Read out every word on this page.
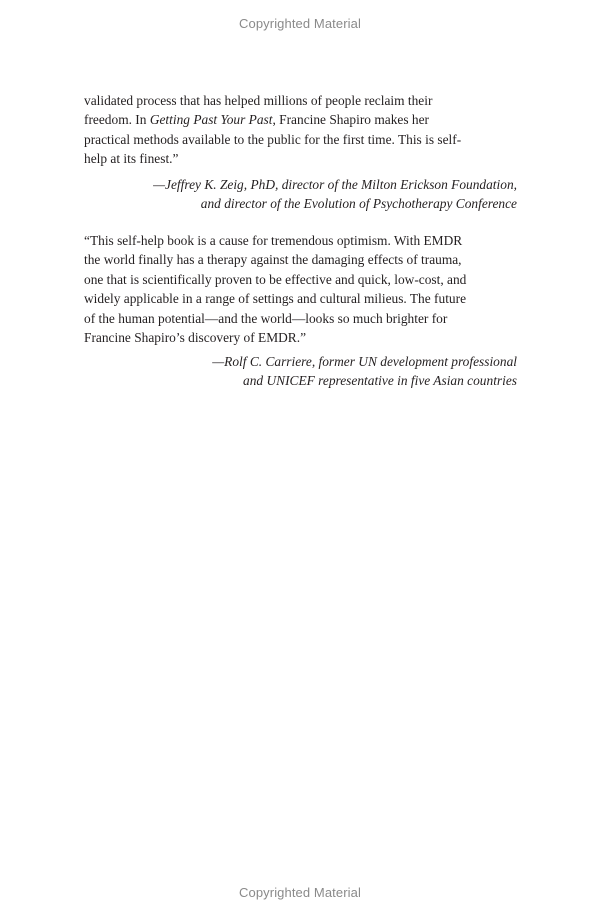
Copyrighted Material
validated process that has helped millions of people reclaim their
freedom. In Getting Past Your Past, Francine Shapiro makes her
practical methods available to the public for the first time. This is self-
help at its finest.”
—Jeffrey K. Zeig, PhD, director of the Milton Erickson Foundation,
and director of the Evolution of Psychotherapy Conference
“This self-help book is a cause for tremendous optimism. With EMDR
the world finally has a therapy against the damaging effects of trauma,
one that is scientifically proven to be effective and quick, low-cost, and
widely applicable in a range of settings and cultural milieus. The future
of the human potential—and the world—looks so much brighter for
Francine Shapiro’s discovery of EMDR.”
—Rolf C. Carriere, former UN development professional
and UNICEF representative in five Asian countries
Copyrighted Material
